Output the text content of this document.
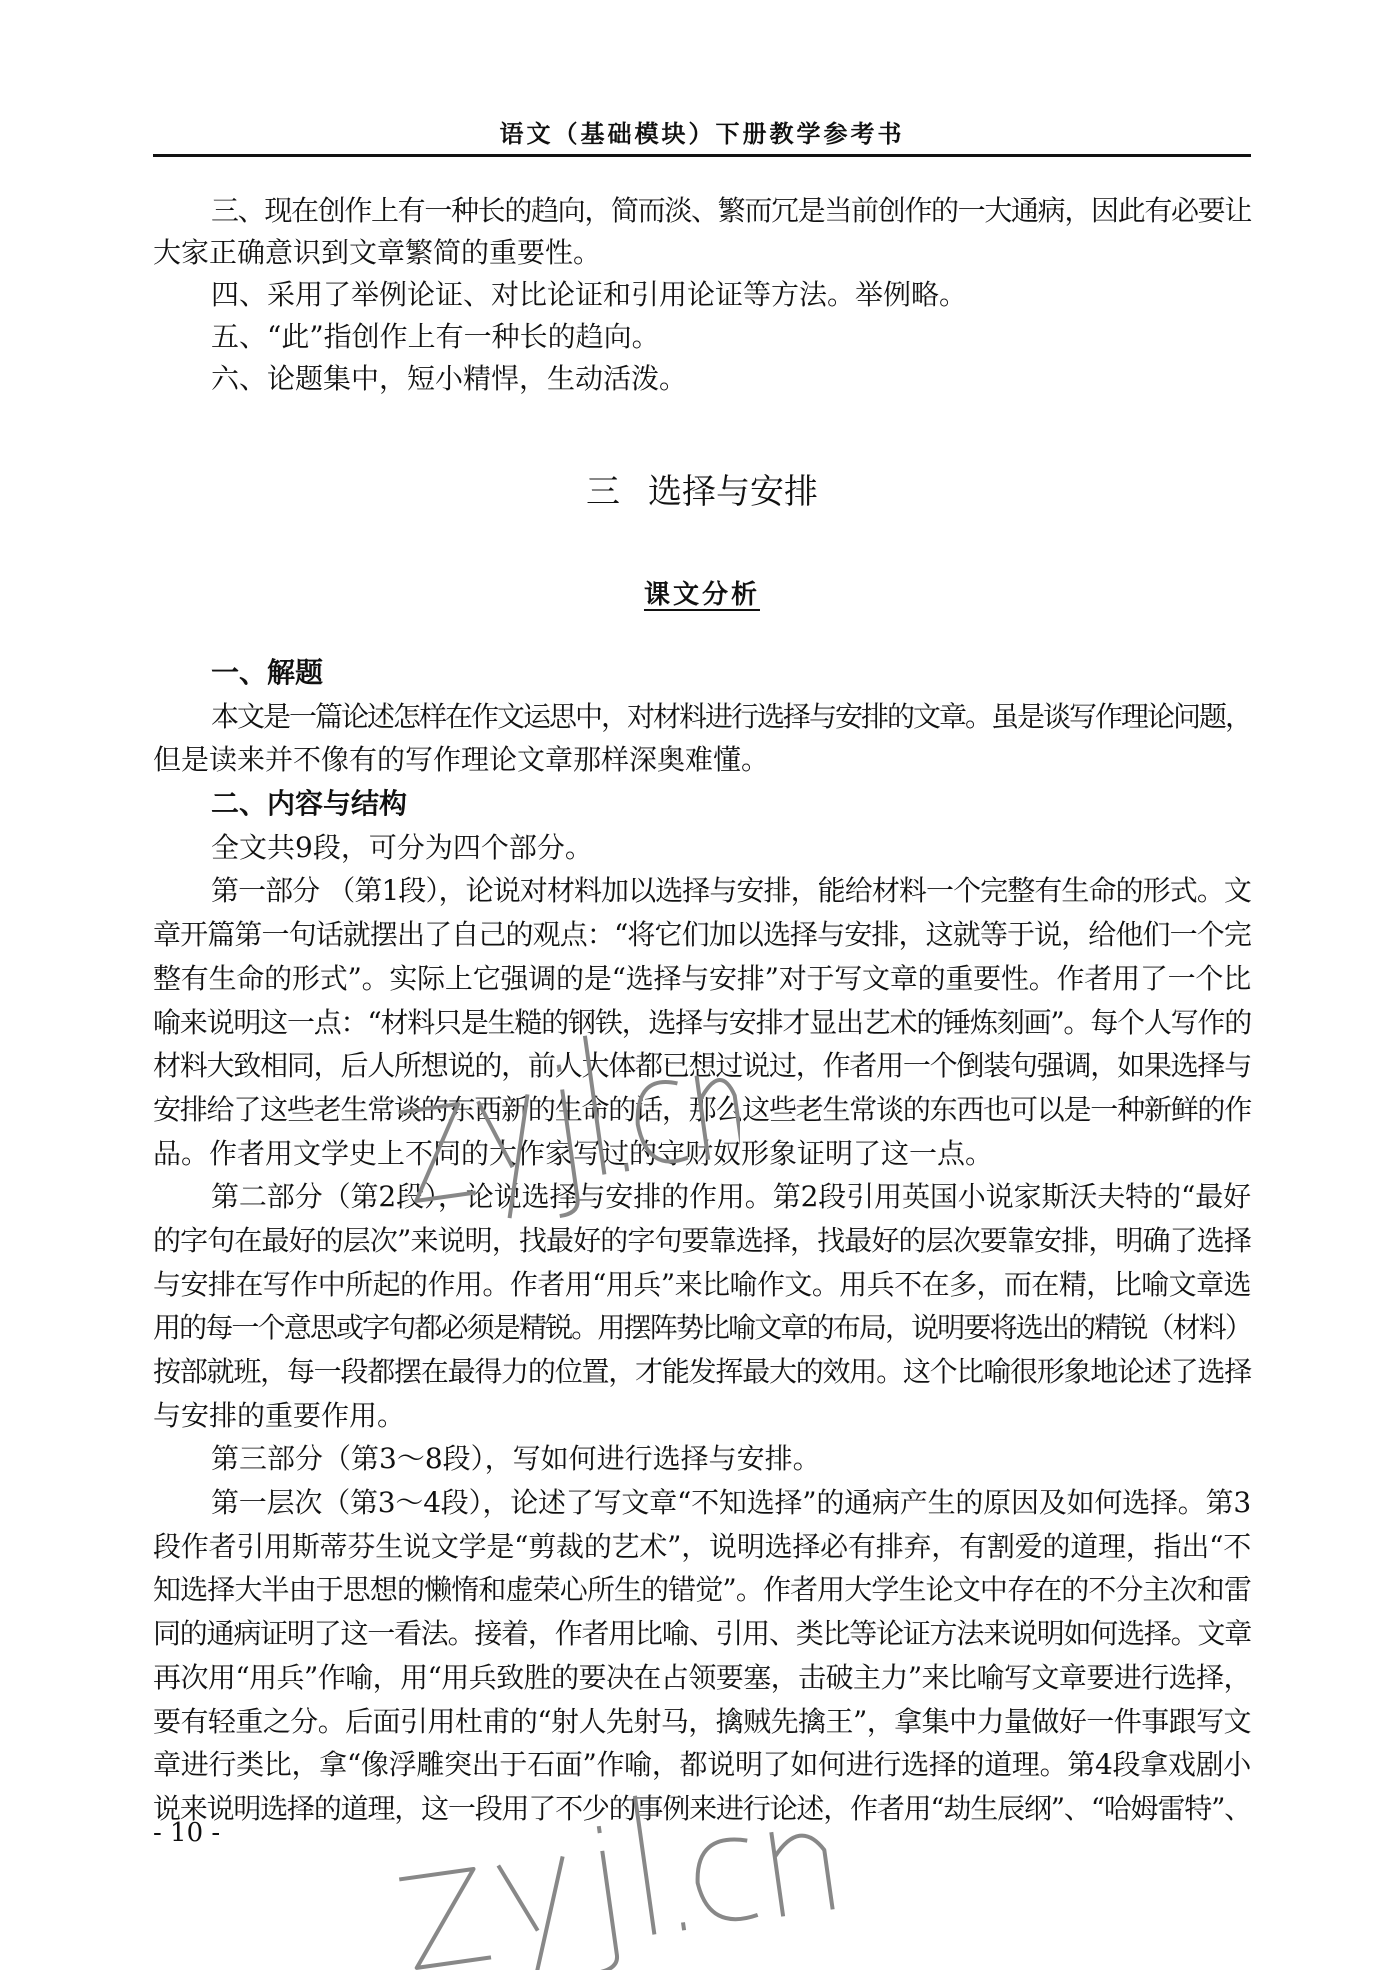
语文（基础模块）下册教学参考书
三、现在创作上有一种长的趋向，简而淡、繁而冗是当前创作的一大通病，因此有必要让
大家正确意识到文章繁简的重要性。
四、采用了举例论证、对比论证和引用论证等方法。举例略。
五、“此”指创作上有一种长的趋向。
六、论题集中，短小精悍，生动活泼。
三 选择与安排
课文分析
一、解题
本文是一篇论述怎样在作文运思中，对材料进行选择与安排的文章。虽是谈写作理论问题，
但是读来并不像有的写作理论文章那样深奥难懂。
二、内容与结构
全文共9段，可分为四个部分。
第一部分 （第1段），论说对材料加以选择与安排，能给材料一个完整有生命的形式。文
章开篇第一句话就摆出了自己的观点：“将它们加以选择与安排，这就等于说，给他们一个完
整有生命的形式”。实际上它强调的是“选择与安排”对于写文章的重要性。作者用了一个比
喻来说明这一点：“材料只是生糙的钢铁，选择与安排才显出艺术的锤炼刻画”。每个人写作的
材料大致相同，后人所想说的，前人大体都已想过说过，作者用一个倒装句强调，如果选择与
安排给了这些老生常谈的东西新的生命的话，那么这些老生常谈的东西也可以是一种新鲜的作
品。作者用文学史上不同的大作家写过的守财奴形象证明了这一点。
第二部分（第2段），论说选择与安排的作用。第2段引用英国小说家斯沃夫特的“最好
的字句在最好的层次”来说明，找最好的字句要靠选择，找最好的层次要靠安排，明确了选择
与安排在写作中所起的作用。作者用“用兵”来比喻作文。用兵不在多，而在精，比喻文章选
用的每一个意思或字句都必须是精锐。用摆阵势比喻文章的布局，说明要将选出的精锐（材料）
按部就班，每一段都摆在最得力的位置，才能发挥最大的效用。这个比喻很形象地论述了选择
与安排的重要作用。
第三部分（第3～8段），写如何进行选择与安排。
第一层次（第3～4段），论述了写文章“不知选择”的通病产生的原因及如何选择。第3
段作者引用斯蒂芬生说文学是“剪裁的艺术”，说明选择必有排弃，有割爱的道理，指出“不
知选择大半由于思想的懒惰和虚荣心所生的错觉”。作者用大学生论文中存在的不分主次和雷
同的通病证明了这一看法。接着，作者用比喻、引用、类比等论证方法来说明如何选择。文章
再次用“用兵”作喻，用“用兵致胜的要决在占领要塞，击破主力”来比喻写文章要进行选择，
要有轻重之分。后面引用杜甫的“射人先射马，擒贼先擒王”，拿集中力量做好一件事跟写文
章进行类比，拿“像浮雕突出于石面”作喻，都说明了如何进行选择的道理。第4段拿戏剧小
说来说明选择的道理，这一段用了不少的事例来进行论述，作者用“劫生辰纲”、“哈姆雷特”、
- 10 -
